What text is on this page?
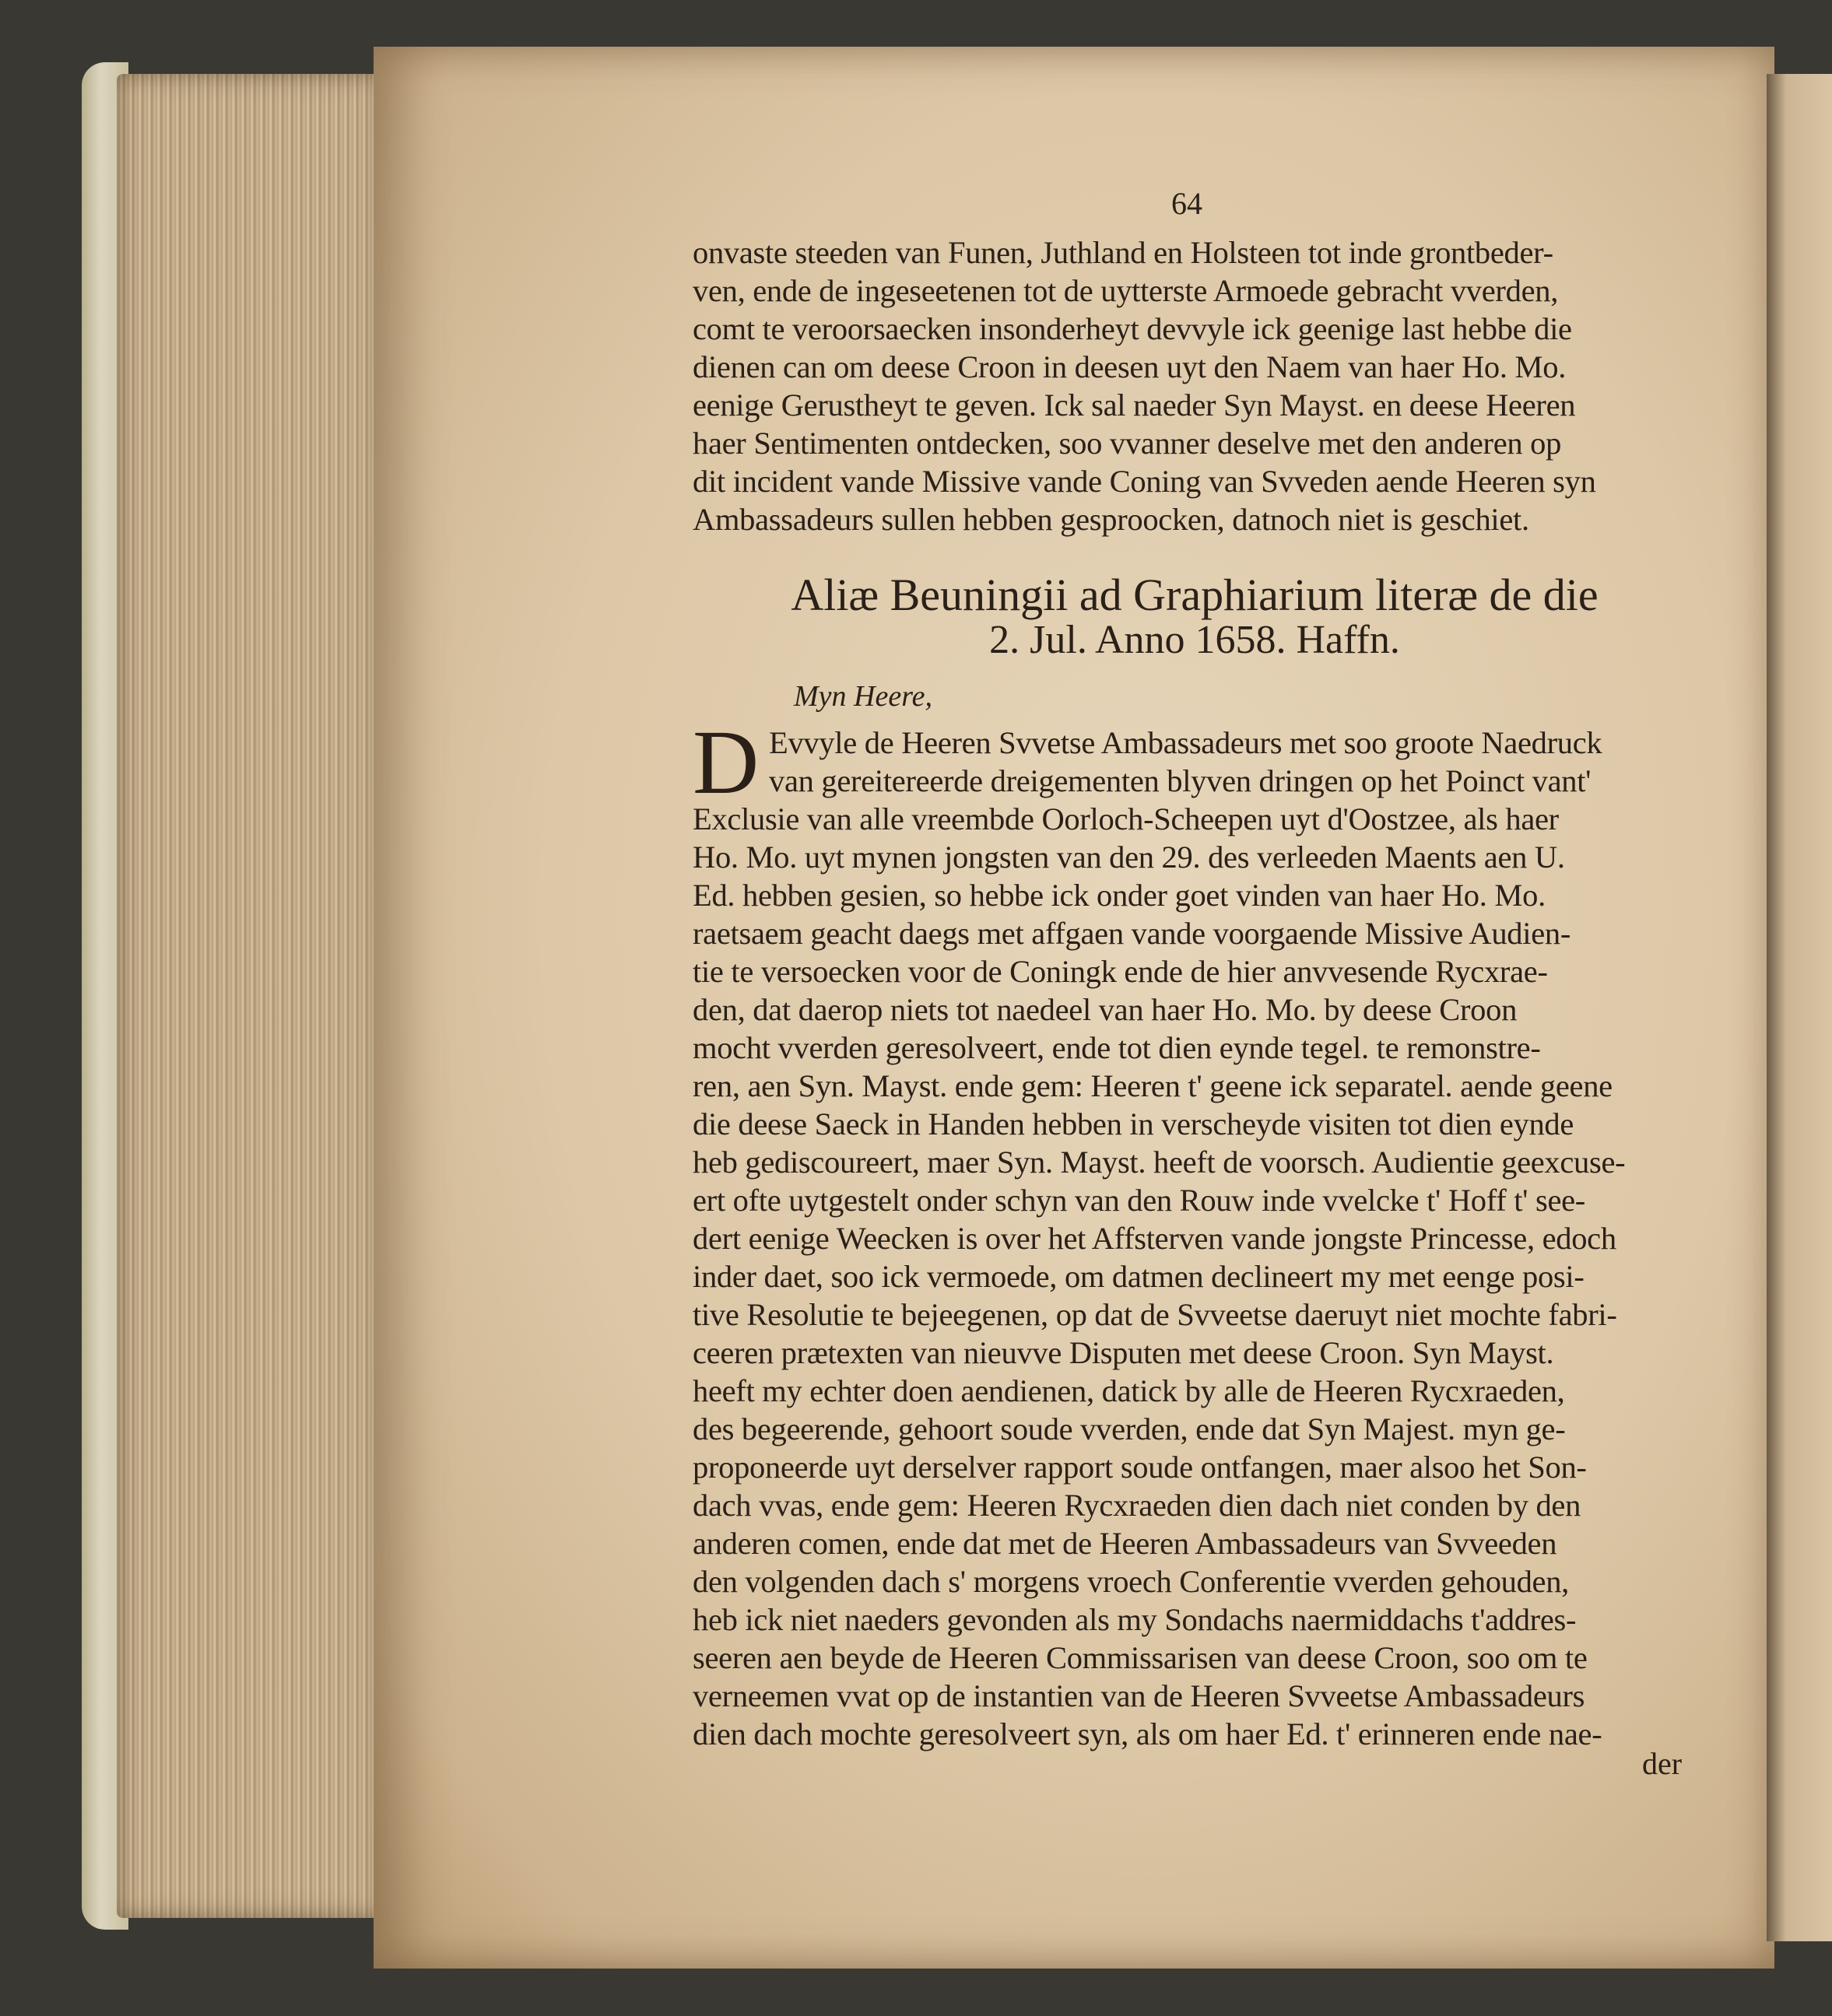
64
onvaste steeden van Funen, Juthland en Holsteen tot inde grontbeder-
ven, ende de ingeseetenen tot de uytterste Armoede gebracht vverden,
comt te veroorsaecken insonderheyt devvyle ick geenige last hebbe die
dienen can om deese Croon in deesen uyt den Naem van haer Ho. Mo.
eenige Gerustheyt te geven. Ick sal naeder Syn Mayst. en deese Heeren
haer Sentimenten ontdecken, soo vvanner deselve met den anderen op
dit incident vande Missive vande Coning van Svveden aende Heeren syn
Ambassadeurs sullen hebben gesproocken, datnoch niet is geschiet.
Aliæ Beuningii ad Graphiarium literæ de die
2. Jul. Anno 1658. Haffn.
Myn Heere,
D Evvyle de Heeren Svvetse Ambassadeurs met soo groote Naedruck
van gereitereerde dreigementen blyven dringen op het Poinct vant'
Exclusie van alle vreembde Oorloch-Scheepen uyt d'Oostzee, als haer
Ho. Mo. uyt mynen jongsten van den 29. des verleeden Maents aen U.
Ed. hebben gesien, so hebbe ick onder goet vinden van haer Ho. Mo.
raetsaem geacht daegs met affgaen vande voorgaende Missive Audien-
tie te versoecken voor de Coningk ende de hier anvvesende Rycxrae-
den, dat daerop niets tot naedeel van haer Ho. Mo. by deese Croon
mocht vverden geresolveert, ende tot dien eynde tegel. te remonstre-
ren, aen Syn. Mayst. ende gem: Heeren t' geene ick separatel. aende geene
die deese Saeck in Handen hebben in verscheyde visiten tot dien eynde
heb gediscoureert, maer Syn. Mayst. heeft de voorsch. Audientie geexcuse-
ert ofte uytgestelt onder schyn van den Rouw inde vvelcke t' Hoff t' see-
dert eenige Weecken is over het Affsterven vande jongste Princesse, edoch
inder daet, soo ick vermoede, om datmen declineert my met eenge posi-
tive Resolutie te bejeegenen, op dat de Svveetse daeruyt niet mochte fabri-
ceeren prætexten van nieuvve Disputen met deese Croon. Syn Mayst.
heeft my echter doen aendienen, datick by alle de Heeren Rycxraeden,
des begeerende, gehoort soude vverden, ende dat Syn Majest. myn ge-
proponeerde uyt derselver rapport soude ontfangen, maer alsoo het Son-
dach vvas, ende gem: Heeren Rycxraeden dien dach niet conden by den
anderen comen, ende dat met de Heeren Ambassadeurs van Svveeden
den volgenden dach s' morgens vroech Conferentie vverden gehouden,
heb ick niet naeders gevonden als my Sondachs naermiddachs t'addres-
seeren aen beyde de Heeren Commissarisen van deese Croon, soo om te
verneemen vvat op de instantien van de Heeren Svveetse Ambassadeurs
dien dach mochte geresolveert syn, als om haer Ed. t' erinneren ende nae-
der
